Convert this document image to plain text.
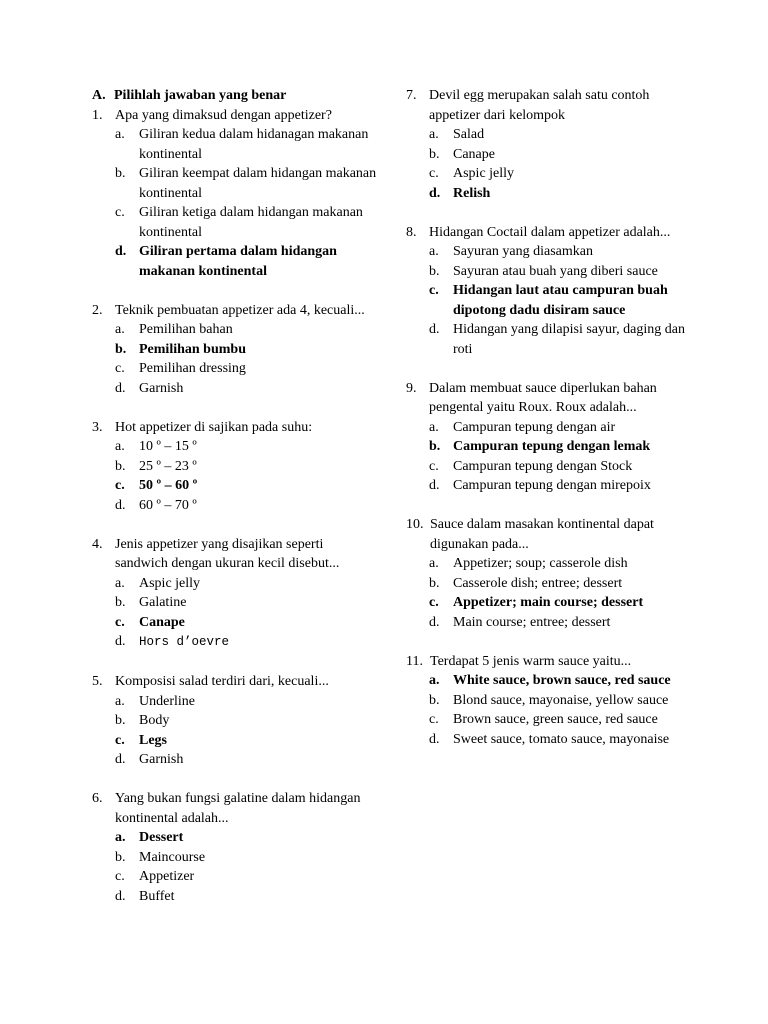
A. Pilihlah jawaban yang benar
1. Apa yang dimaksud dengan appetizer?
a. Giliran kedua dalam hidanagan makanan kontinental
b. Giliran keempat dalam hidangan makanan kontinental
c. Giliran ketiga dalam hidangan makanan kontinental
d. Giliran pertama dalam hidangan makanan kontinental
2. Teknik pembuatan appetizer ada 4, kecuali...
a. Pemilihan bahan
b. Pemilihan bumbu
c. Pemilihan dressing
d. Garnish
3. Hot appetizer di sajikan pada suhu:
a. 10 º – 15 º
b. 25 º – 23 º
c. 50 º – 60 º
d. 60 º – 70 º
4. Jenis appetizer yang disajikan seperti sandwich dengan ukuran kecil disebut...
a. Aspic jelly
b. Galatine
c. Canape
d. Hors d’oevre
5. Komposisi salad terdiri dari, kecuali...
a. Underline
b. Body
c. Legs
d. Garnish
6. Yang bukan fungsi galatine dalam hidangan kontinental adalah...
a. Dessert
b. Maincourse
c. Appetizer
d. Buffet
7. Devil egg merupakan salah satu contoh appetizer dari kelompok
a. Salad
b. Canape
c. Aspic jelly
d. Relish
8. Hidangan Coctail dalam appetizer adalah...
a. Sayuran yang diasamkan
b. Sayuran atau buah yang diberi sauce
c. Hidangan laut atau campuran buah dipotong dadu disiram sauce
d. Hidangan yang dilapisi sayur, daging dan roti
9. Dalam membuat sauce diperlukan bahan pengental yaitu Roux. Roux adalah...
a. Campuran tepung dengan air
b. Campuran tepung dengan lemak
c. Campuran tepung dengan Stock
d. Campuran tepung dengan mirepoix
10. Sauce dalam masakan kontinental dapat digunakan pada...
a. Appetizer; soup; casserole dish
b. Casserole dish; entree; dessert
c. Appetizer; main course; dessert
d. Main course; entree; dessert
11. Terdapat 5 jenis warm sauce yaitu...
a. White sauce, brown sauce, red sauce
b. Blond sauce, mayonaise, yellow sauce
c. Brown sauce, green sauce, red sauce
d. Sweet sauce, tomato sauce, mayonaise
